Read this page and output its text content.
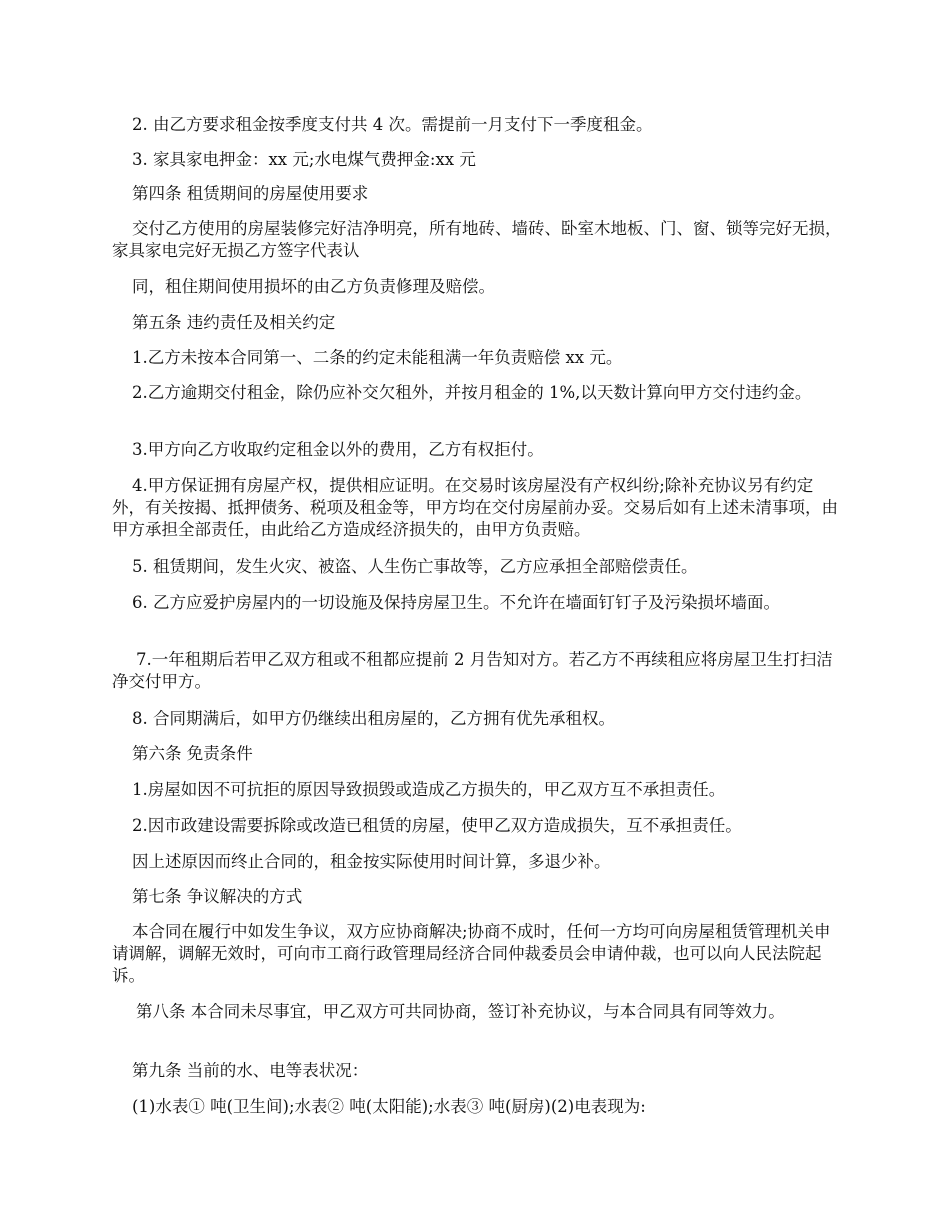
2. 由乙方要求租金按季度支付共 4 次。需提前一月支付下一季度租金。

3. 家具家电押金：xx 元;水电煤气费押金:xx 元

第四条 租赁期间的房屋使用要求

交付乙方使用的房屋装修完好洁净明亮，所有地砖、墙砖、卧室木地板、门、窗、锁等完好无损，家具家电完好无损乙方签字代表认

同，租住期间使用损坏的由乙方负责修理及赔偿。

第五条 违约责任及相关约定

1.乙方未按本合同第一、二条的约定未能租满一年负责赔偿 xx 元。

2.乙方逾期交付租金，除仍应补交欠租外，并按月租金的 1%,以天数计算向甲方交付违约金。

3.甲方向乙方收取约定租金以外的费用，乙方有权拒付。

4.甲方保证拥有房屋产权，提供相应证明。在交易时该房屋没有产权纠纷;除补充协议另有约定外，有关按揭、抵押债务、税项及租金等，甲方均在交付房屋前办妥。交易后如有上述未清事项，由甲方承担全部责任，由此给乙方造成经济损失的，由甲方负责赔。

5. 租赁期间，发生火灾、被盗、人生伤亡事故等，乙方应承担全部赔偿责任。

6. 乙方应爱护房屋内的一切设施及保持房屋卫生。不允许在墙面钉钉子及污染损坏墙面。

7.一年租期后若甲乙双方租或不租都应提前 2 月告知对方。若乙方不再续租应将房屋卫生打扫洁净交付甲方。

8. 合同期满后，如甲方仍继续出租房屋的，乙方拥有优先承租权。

第六条 免责条件

1.房屋如因不可抗拒的原因导致损毁或造成乙方损失的，甲乙双方互不承担责任。

2.因市政建设需要拆除或改造已租赁的房屋，使甲乙双方造成损失，互不承担责任。

因上述原因而终止合同的，租金按实际使用时间计算，多退少补。

第七条 争议解决的方式

本合同在履行中如发生争议，双方应协商解决;协商不成时，任何一方均可向房屋租赁管理机关申请调解，调解无效时，可向市工商行政管理局经济合同仲裁委员会申请仲裁，也可以向人民法院起诉。

第八条 本合同未尽事宜，甲乙双方可共同协商，签订补充协议，与本合同具有同等效力。

第九条 当前的水、电等表状况：

(1)水表① 吨(卫生间);水表② 吨(太阳能);水表③ 吨(厨房)(2)电表现为:
